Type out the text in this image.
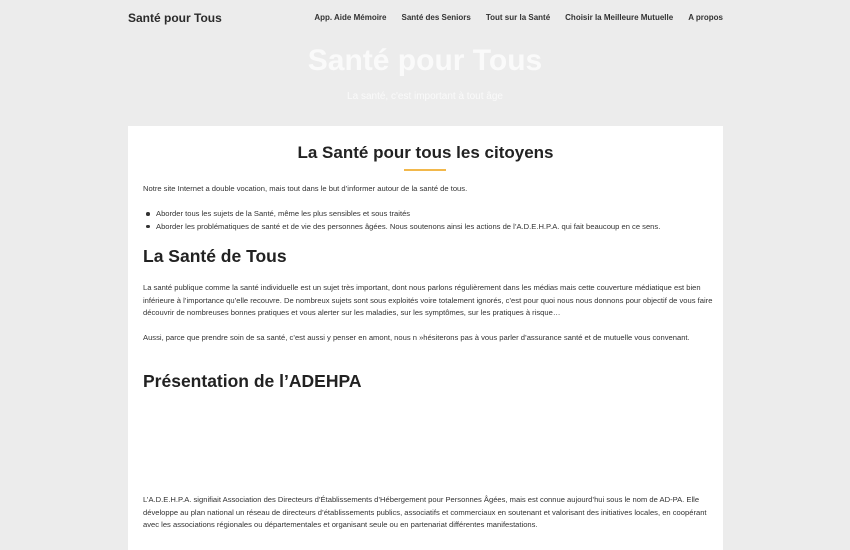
Santé pour Tous	App. Aide Mémoire Santé des Seniors Tout sur la Santé Choisir la Meilleure Mutuelle A propos
Santé pour Tous
La santé, c'est important à tout âge
La Santé pour tous les citoyens

Notre site Internet a double vocation, mais tout dans le but d’informer autour de la santé de tous.

Aborder tous les sujets de la Santé, même les plus sensibles et sous traités
Aborder les problématiques de santé et de vie des personnes âgées. Nous soutenons ainsi les actions de l’A.D.E.H.P.A. qui fait beaucoup en ce sens.
La Santé de Tous

La santé publique comme la santé individuelle est un sujet très important, dont nous parlons régulièrement dans les médias mais cette couverture médiatique est bien inférieure à l’importance qu’elle recouvre. De nombreux sujets sont sous exploités voire totalement ignorés, c’est pour quoi nous nous donnons pour objectif de vous faire découvrir de nombreuses bonnes pratiques et vous alerter sur les maladies, sur les symptômes, sur les pratiques à risque…

Aussi, parce que prendre soin de sa santé, c’est aussi y penser en amont, nous n »hésiterons pas à vous parler d’assurance santé et de mutuelle vous convenant.

Présentation de l’ADEHPA

L’A.D.E.H.P.A. signifiait Association des Directeurs d’Établissements d’Hébergement pour Personnes Âgées, mais est connue aujourd’hui sous le nom de AD-PA. Elle développe au plan national un réseau de directeurs d’établissements publics, associatifs et commerciaux en soutenant et valorisant des initiatives locales, en coopérant avec les associations régionales ou départementales et organisant seule ou en partenariat différentes manifestations.
